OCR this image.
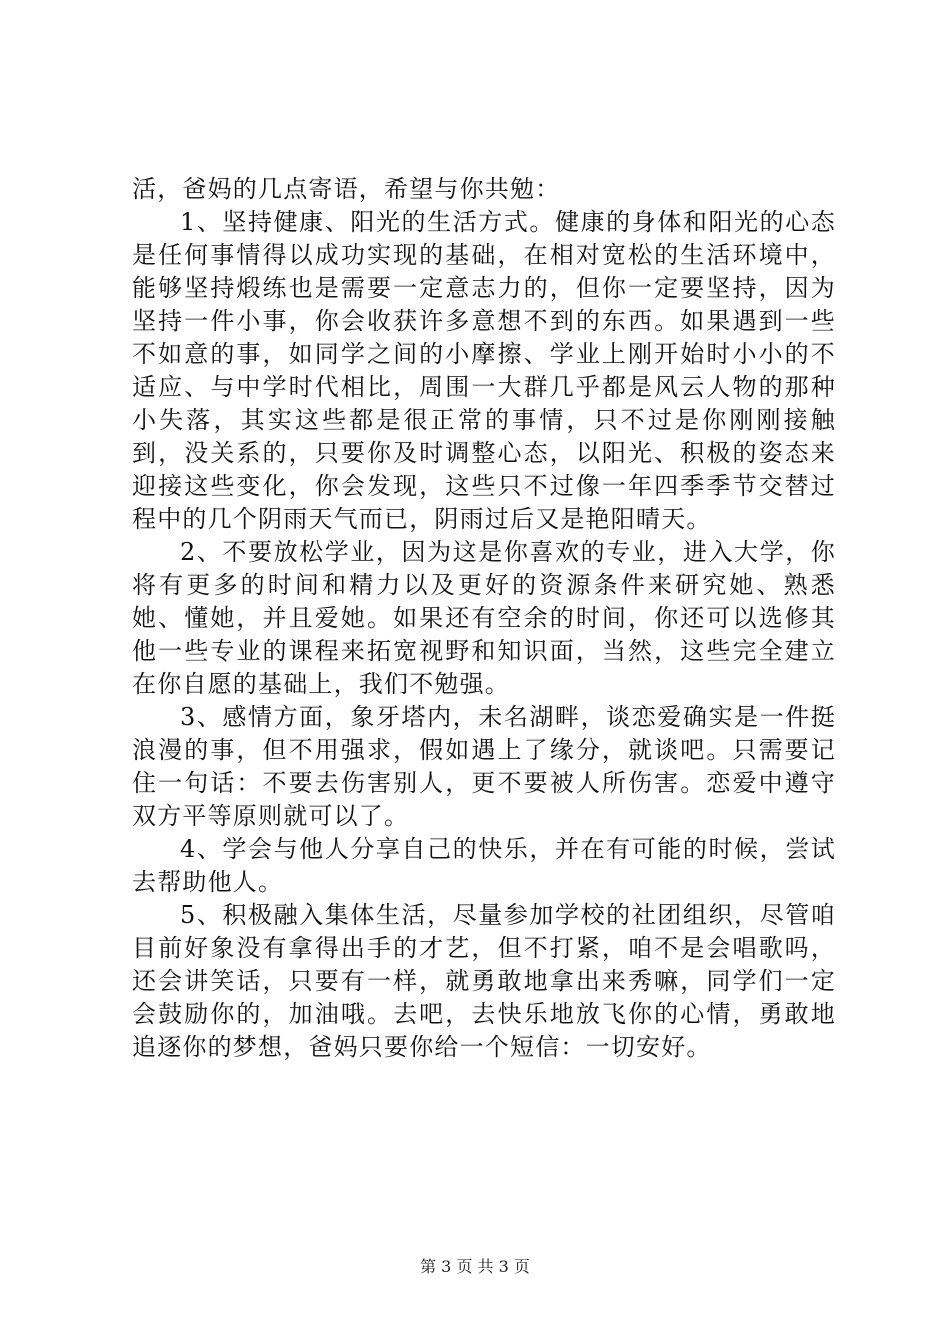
活，爸妈的几点寄语，希望与你共勉：

1、坚持健康、阳光的生活方式。健康的身体和阳光的心态是任何事情得以成功实现的基础，在相对宽松的生活环境中，能够坚持煅练也是需要一定意志力的，但你一定要坚持，因为坚持一件小事，你会收获许多意想不到的东西。如果遇到一些不如意的事，如同学之间的小摩擦、学业上刚开始时小小的不适应、与中学时代相比，周围一大群几乎都是风云人物的那种小失落，其实这些都是很正常的事情，只不过是你刚刚接触到，没关系的，只要你及时调整心态，以阳光、积极的姿态来迎接这些变化，你会发现，这些只不过像一年四季季节交替过程中的几个阴雨天气而已，阴雨过后又是艳阳晴天。

2、不要放松学业，因为这是你喜欢的专业，进入大学，你将有更多的时间和精力以及更好的资源条件来研究她、熟悉她、懂她，并且爱她。如果还有空余的时间，你还可以选修其他一些专业的课程来拓宽视野和知识面，当然，这些完全建立在你自愿的基础上，我们不勉强。

3、感情方面，象牙塔内，未名湖畔，谈恋爱确实是一件挺浪漫的事，但不用强求，假如遇上了缘分，就谈吧。只需要记住一句话：不要去伤害别人，更不要被人所伤害。恋爱中遵守双方平等原则就可以了。

4、学会与他人分享自己的快乐，并在有可能的时候，尝试去帮助他人。

5、积极融入集体生活，尽量参加学校的社团组织，尽管咱目前好象没有拿得出手的才艺，但不打紧，咱不是会唱歌吗，还会讲笑话，只要有一样，就勇敢地拿出来秀嘛，同学们一定会鼓励你的，加油哦。去吧，去快乐地放飞你的心情，勇敢地追逐你的梦想，爸妈只要你给一个短信：一切安好。

第 3 页 共 3 页
